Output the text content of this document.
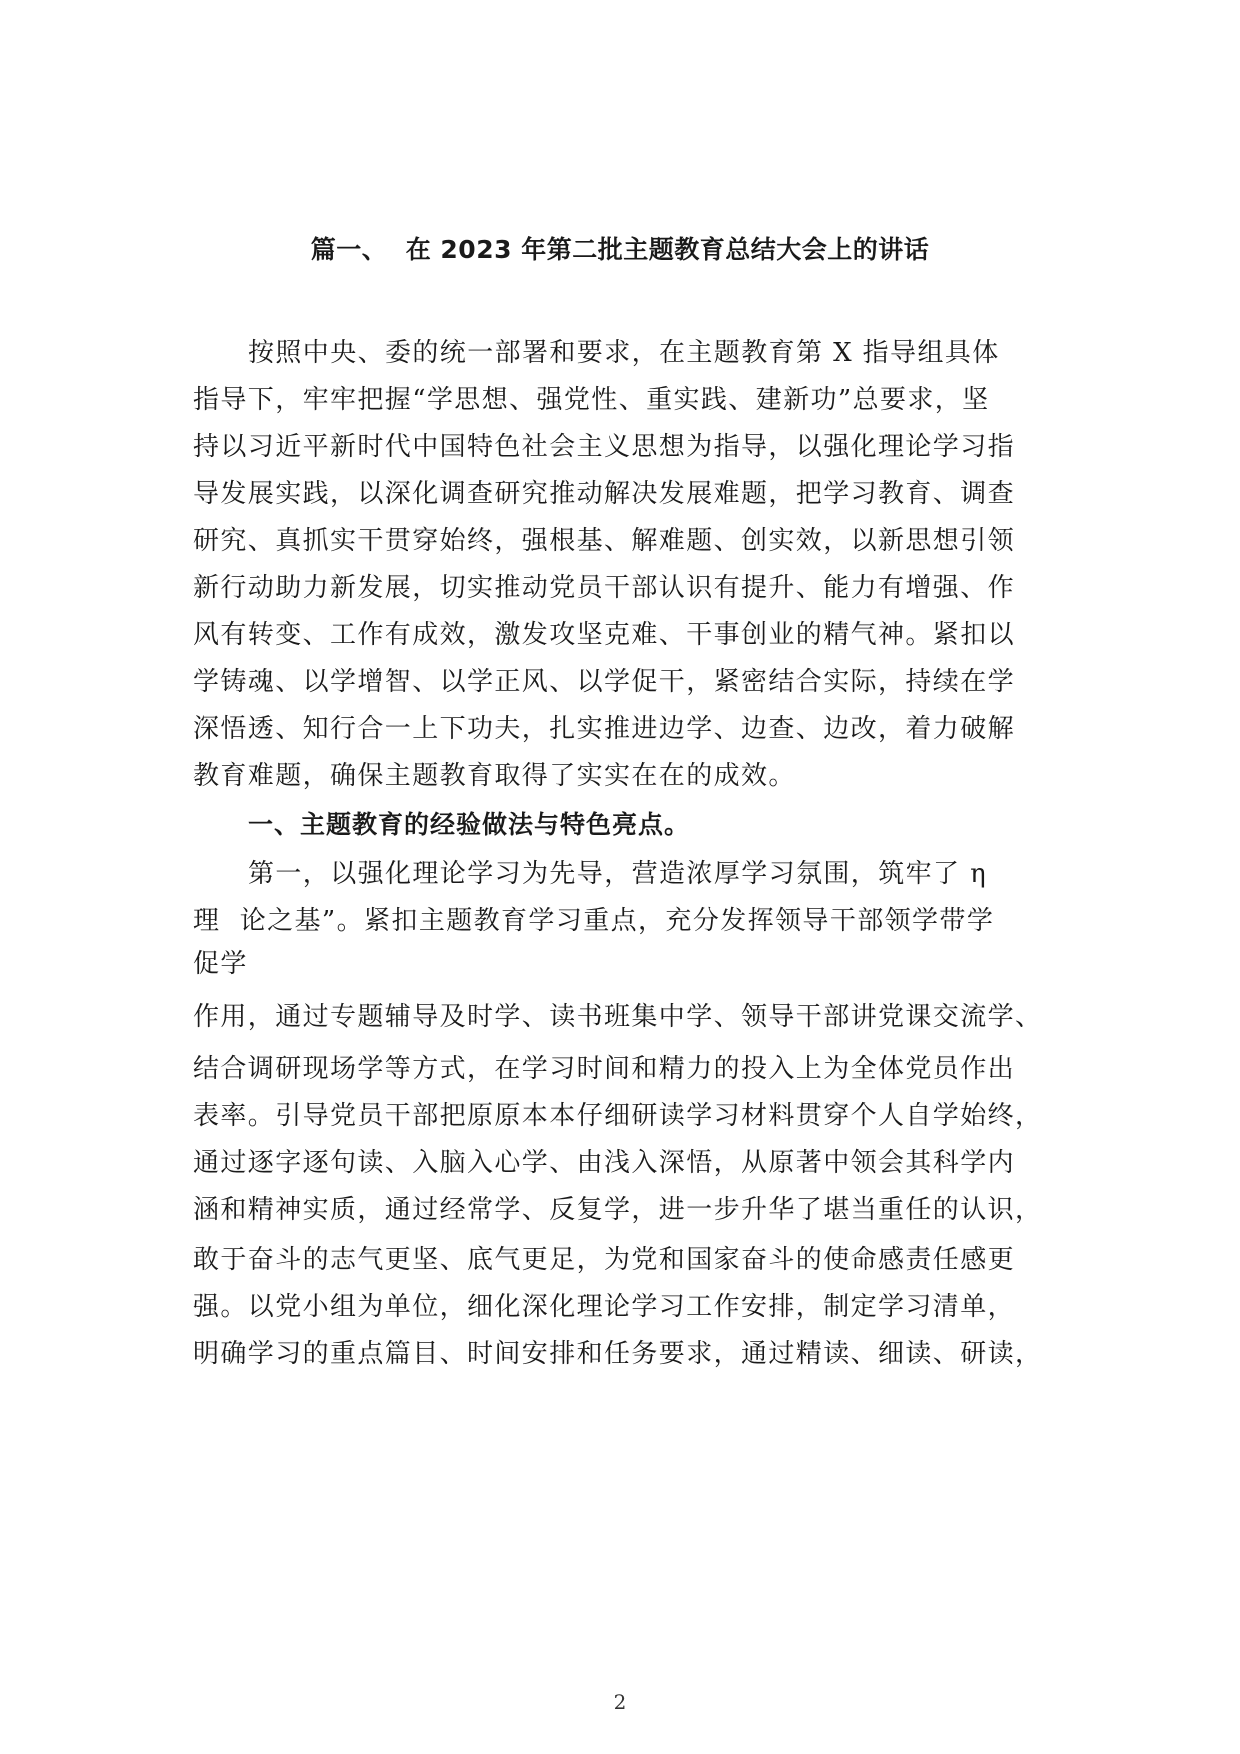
篇一、  在 2023 年第二批主题教育总结大会上的讲话
按照中央、委的统一部署和要求，在主题教育第 X 指导组具体
指导下，牢牢把握“学思想、强党性、重实践、建新功”总要求，坚
持以习近平新时代中国特色社会主义思想为指导，以强化理论学习指
导发展实践，以深化调查研究推动解决发展难题，把学习教育、调查
研究、真抓实干贯穿始终，强根基、解难题、创实效，以新思想引领
新行动助力新发展，切实推动党员干部认识有提升、能力有增强、作
风有转变、工作有成效，激发攻坚克难、干事创业的精气神。紧扣以
学铸魂、以学增智、以学正风、以学促干，紧密结合实际，持续在学
深悟透、知行合一上下功夫，扎实推进边学、边查、边改，着力破解
教育难题，确保主题教育取得了实实在在的成效。
一、主题教育的经验做法与特色亮点。
第一，以强化理论学习为先导，营造浓厚学习氛围，筑牢了 η
理  论之基”。紧扣主题教育学习重点，充分发挥领导干部领学带学
促学
作用，通过专题辅导及时学、读书班集中学、领导干部讲党课交流学、
结合调研现场学等方式，在学习时间和精力的投入上为全体党员作出
表率。引导党员干部把原原本本仔细研读学习材料贯穿个人自学始终，
通过逐字逐句读、入脑入心学、由浅入深悟，从原著中领会其科学内
涵和精神实质，通过经常学、反复学，进一步升华了堪当重任的认识，
敢于奋斗的志气更坚、底气更足，为党和国家奋斗的使命感责任感更
强。以党小组为单位，细化深化理论学习工作安排，制定学习清单，
明确学习的重点篇目、时间安排和任务要求，通过精读、细读、研读，
2
